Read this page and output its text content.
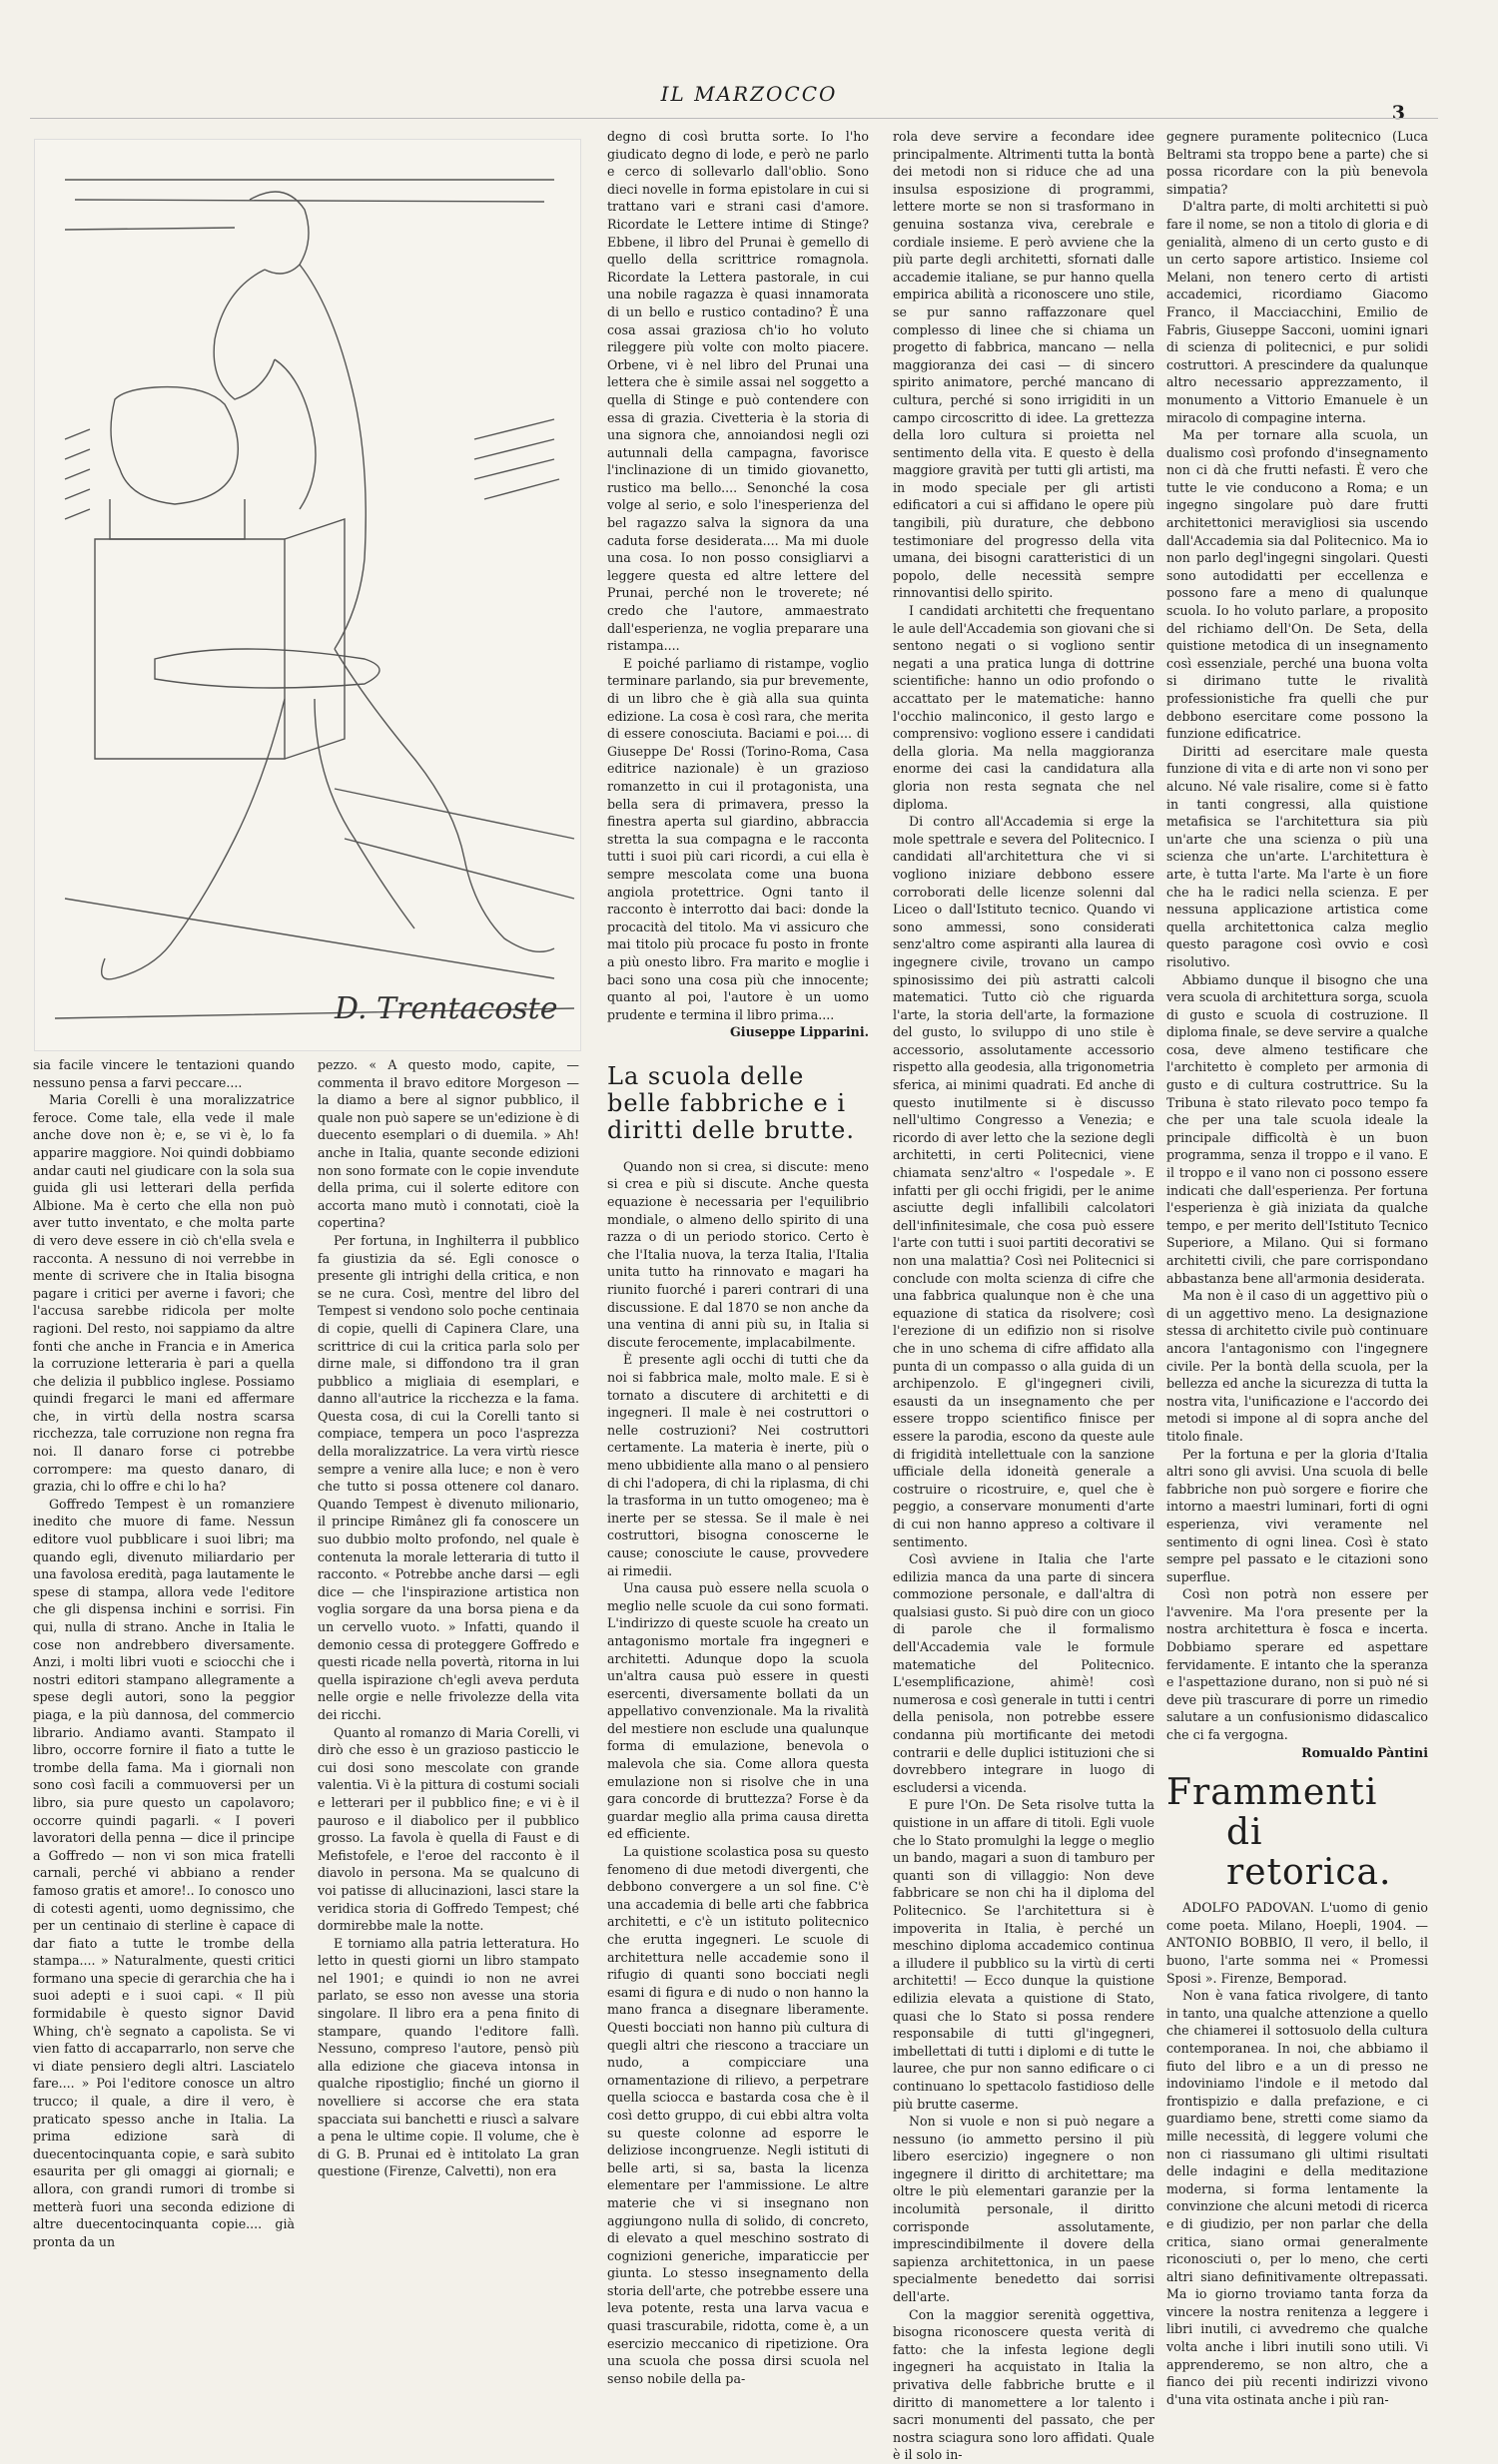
IL MARZOCCO
3
D. Trentacoste

sia facile vincere le tentazioni quando nessuno pensa a farvi peccare....

Maria Corelli è una moralizzatrice feroce. Come tale, ella vede il male anche dove non è; e, se vi è, lo fa apparire maggiore. Noi quindi dobbiamo andar cauti nel giudicare con la sola sua guida gli usi letterari della perfida Albione. Ma è certo che ella non può aver tutto inventato, e che molta parte di vero deve essere in ciò ch'ella svela e racconta. A nessuno di noi verrebbe in mente di scrivere che in Italia bisogna pagare i critici per averne i favori; che l'accusa sarebbe ridicola per molte ragioni. Del resto, noi sappiamo da altre fonti che anche in Francia e in America la corruzione letteraria è pari a quella che delizia il pubblico inglese. Possiamo quindi fregarci le mani ed affermare che, in virtù della nostra scarsa ricchezza, tale corruzione non regna fra noi. Il danaro forse ci potrebbe corrompere: ma questo danaro, di grazia, chi lo offre e chi lo ha?

Goffredo Tempest è un romanziere inedito che muore di fame. Nessun editore vuol pubblicare i suoi libri; ma quando egli, divenuto miliardario per una favolosa eredità, paga lautamente le spese di stampa, allora vede l'editore che gli dispensa inchini e sorrisi. Fin qui, nulla di strano. Anche in Italia le cose non andrebbero diversamente. Anzi, i molti libri vuoti e sciocchi che i nostri editori stampano allegramente a spese degli autori, sono la peggior piaga, e la più dannosa, del commercio librario. Andiamo avanti. Stampato il libro, occorre fornire il fiato a tutte le trombe della fama. Ma i giornali non sono così facili a commuoversi per un libro, sia pure questo un capolavoro; occorre quindi pagarli. « I poveri lavoratori della penna — dice il principe a Goffredo — non vi son mica fratelli carnali, perché vi abbiano a render famoso gratis et amore!.. Io conosco uno di cotesti agenti, uomo degnissimo, che per un centinaio di sterline è capace di dar fiato a tutte le trombe della stampa.... » Naturalmente, questi critici formano una specie di gerarchia che ha i suoi adepti e i suoi capi. « Il più formidabile è questo signor David Whing, ch'è segnato a capolista. Se vi vien fatto di accaparrarlo, non serve che vi diate pensiero degli altri. Lasciatelo fare.... » Poi l'editore conosce un altro trucco; il quale, a dire il vero, è praticato spesso anche in Italia. La prima edizione sarà di duecentocinquanta copie, e sarà subito esaurita per gli omaggi ai giornali; e allora, con grandi rumori di trombe si metterà fuori una seconda edizione di altre duecentocinquanta copie.... già pronta da un

pezzo. « A questo modo, capite, — commenta il bravo editore Morgeson — la diamo a bere al signor pubblico, il quale non può sapere se un'edizione è di duecento esemplari o di duemila. » Ah! anche in Italia, quante seconde edizioni non sono formate con le copie invendute della prima, cui il solerte editore con accorta mano mutò i connotati, cioè la copertina?

Per fortuna, in Inghilterra il pubblico fa giustizia da sé. Egli conosce o presente gli intrighi della critica, e non se ne cura. Così, mentre del libro del Tempest si vendono solo poche centinaia di copie, quelli di Capinera Clare, una scrittrice di cui la critica parla solo per dirne male, si diffondono tra il gran pubblico a migliaia di esemplari, e danno all'autrice la ricchezza e la fama. Questa cosa, di cui la Corelli tanto si compiace, tempera un poco l'asprezza della moralizzatrice. La vera virtù riesce sempre a venire alla luce; e non è vero che tutto si possa ottenere col danaro. Quando Tempest è divenuto milionario, il principe Rimânez gli fa conoscere un suo dubbio molto profondo, nel quale è contenuta la morale letteraria di tutto il racconto. « Potrebbe anche darsi — egli dice — che l'inspirazione artistica non voglia sorgare da una borsa piena e da un cervello vuoto. » Infatti, quando il demonio cessa di proteggere Goffredo e questi ricade nella povertà, ritorna in lui quella ispirazione ch'egli aveva perduta nelle orgie e nelle frivolezze della vita dei ricchi.

Quanto al romanzo di Maria Corelli, vi dirò che esso è un grazioso pasticcio le cui dosi sono mescolate con grande valentia. Vi è la pittura di costumi sociali e letterari per il pubblico fine; e vi è il pauroso e il diabolico per il pubblico grosso. La favola è quella di Faust e di Mefistofele, e l'eroe del racconto è il diavolo in persona. Ma se qualcuno di voi patisse di allucinazioni, lasci stare la veridica storia di Goffredo Tempest; ché dormirebbe male la notte.

E torniamo alla patria letteratura. Ho letto in questi giorni un libro stampato nel 1901; e quindi io non ne avrei parlato, se esso non avesse una storia singolare. Il libro era a pena finito di stampare, quando l'editore fallì. Nessuno, compreso l'autore, pensò più alla edizione che giaceva intonsa in qualche ripostiglio; finché un giorno il novelliere si accorse che era stata spacciata sui banchetti e riuscì a salvare a pena le ultime copie. Il volume, che è di G. B. Prunai ed è intitolato La gran questione (Firenze, Calvetti), non era

degno di così brutta sorte. Io l'ho giudicato degno di lode, e però ne parlo e cerco di sollevarlo dall'oblio. Sono dieci novelle in forma epistolare in cui si trattano vari e strani casi d'amore. Ricordate le Lettere intime di Stinge? Ebbene, il libro del Prunai è gemello di quello della scrittrice romagnola. Ricordate la Lettera pastorale, in cui una nobile ragazza è quasi innamorata di un bello e rustico contadino? È una cosa assai graziosa ch'io ho voluto rileggere più volte con molto piacere. Orbene, vi è nel libro del Prunai una lettera che è simile assai nel soggetto a quella di Stinge e può contendere con essa di grazia. Civetteria è la storia di una signora che, annoiandosi negli ozi autunnali della campagna, favorisce l'inclinazione di un timido giovanetto, rustico ma bello.... Senonché la cosa volge al serio, e solo l'inesperienza del bel ragazzo salva la signora da una caduta forse desiderata.... Ma mi duole una cosa. Io non posso consigliarvi a leggere questa ed altre lettere del Prunai, perché non le troverete; né credo che l'autore, ammaestrato dall'esperienza, ne voglia preparare una ristampa....

E poiché parliamo di ristampe, voglio terminare parlando, sia pur brevemente, di un libro che è già alla sua quinta edizione. La cosa è così rara, che merita di essere conosciuta. Baciami e poi.... di Giuseppe De' Rossi (Torino-Roma, Casa editrice nazionale) è un grazioso romanzetto in cui il protagonista, una bella sera di primavera, presso la finestra aperta sul giardino, abbraccia stretta la sua compagna e le racconta tutti i suoi più cari ricordi, a cui ella è sempre mescolata come una buona angiola protettrice. Ogni tanto il racconto è interrotto dai baci: donde la procacità del titolo. Ma vi assicuro che mai titolo più procace fu posto in fronte a più onesto libro. Fra marito e moglie i baci sono una cosa più che innocente; quanto al poi, l'autore è un uomo prudente e termina il libro prima....

Giuseppe Lipparini.

La scuola delle belle fabbriche e i diritti delle brutte.

Quando non si crea, si discute: meno si crea e più si discute. Anche questa equazione è necessaria per l'equilibrio mondiale, o almeno dello spirito di una razza o di un periodo storico. Certo è che l'Italia nuova, la terza Italia, l'Italia unita tutto ha rinnovato e magari ha riunito fuorché i pareri contrari di una discussione. E dal 1870 se non anche da una ventina di anni più su, in Italia si discute ferocemente, implacabilmente.

È presente agli occhi di tutti che da noi si fabbrica male, molto male. E si è tornato a discutere di architetti e di ingegneri. Il male è nei costruttori o nelle costruzioni? Nei costruttori certamente. La materia è inerte, più o meno ubbidiente alla mano o al pensiero di chi l'adopera, di chi la riplasma, di chi la trasforma in un tutto omogeneo; ma è inerte per se stessa. Se il male è nei costruttori, bisogna conoscerne le cause; conosciute le cause, provvedere ai rimedii.

Una causa può essere nella scuola o meglio nelle scuole da cui sono formati. L'indirizzo di queste scuole ha creato un antagonismo mortale fra ingegneri e architetti. Adunque dopo la scuola un'altra causa può essere in questi esercenti, diversamente bollati da un appellativo convenzionale. Ma la rivalità del mestiere non esclude una qualunque forma di emulazione, benevola o malevola che sia. Come allora questa emulazione non si risolve che in una gara concorde di bruttezza? Forse è da guardar meglio alla prima causa diretta ed efficiente.

La quistione scolastica posa su questo fenomeno di due metodi divergenti, che debbono convergere a un sol fine. C'è una accademia di belle arti che fabbrica architetti, e c'è un istituto politecnico che erutta ingegneri. Le scuole di architettura nelle accademie sono il rifugio di quanti sono bocciati negli esami di figura e di nudo o non hanno la mano franca a disegnare liberamente. Questi bocciati non hanno più cultura di quegli altri che riescono a tracciare un nudo, a compicciare una ornamentazione di rilievo, a perpetrare quella sciocca e bastarda cosa che è il così detto gruppo, di cui ebbi altra volta su queste colonne ad esporre le deliziose incongruenze. Negli istituti di belle arti, si sa, basta la licenza elementare per l'ammissione. Le altre materie che vi si insegnano non aggiungono nulla di solido, di concreto, di elevato a quel meschino sostrato di cognizioni generiche, imparaticcie per giunta. Lo stesso insegnamento della storia dell'arte, che potrebbe essere una leva potente, resta una larva vacua e quasi trascurabile, ridotta, come è, a un esercizio meccanico di ripetizione. Ora una scuola che possa dirsi scuola nel senso nobile della pa-

rola deve servire a fecondare idee principalmente. Altrimenti tutta la bontà dei metodi non si riduce che ad una insulsa esposizione di programmi, lettere morte se non si trasformano in genuina sostanza viva, cerebrale e cordiale insieme. E però avviene che la più parte degli architetti, sfornati dalle accademie italiane, se pur hanno quella empirica abilità a riconoscere uno stile, se pur sanno raffazzonare quel complesso di linee che si chiama un progetto di fabbrica, mancano — nella maggioranza dei casi — di sincero spirito animatore, perché mancano di cultura, perché si sono irrigiditi in un campo circoscritto di idee. La grettezza della loro cultura si proietta nel sentimento della vita. E questo è della maggiore gravità per tutti gli artisti, ma in modo speciale per gli artisti edificatori a cui si affidano le opere più tangibili, più durature, che debbono testimoniare del progresso della vita umana, dei bisogni caratteristici di un popolo, delle necessità sempre rinnovantisi dello spirito.

I candidati architetti che frequentano le aule dell'Accademia son giovani che si sentono negati o si vogliono sentir negati a una pratica lunga di dottrine scientifiche: hanno un odio profondo o accattato per le matematiche: hanno l'occhio malinconico, il gesto largo e comprensivo: vogliono essere i candidati della gloria. Ma nella maggioranza enorme dei casi la candidatura alla gloria non resta segnata che nel diploma.

Di contro all'Accademia si erge la mole spettrale e severa del Politecnico. I candidati all'architettura che vi si vogliono iniziare debbono essere corroborati delle licenze solenni dal Liceo o dall'Istituto tecnico. Quando vi sono ammessi, sono considerati senz'altro come aspiranti alla laurea di ingegnere civile, trovano un campo spinosissimo dei più astratti calcoli matematici. Tutto ciò che riguarda l'arte, la storia dell'arte, la formazione del gusto, lo sviluppo di uno stile è accessorio, assolutamente accessorio rispetto alla geodesia, alla trigonometria sferica, ai minimi quadrati. Ed anche di questo inutilmente si è discusso nell'ultimo Congresso a Venezia; e ricordo di aver letto che la sezione degli architetti, in certi Politecnici, viene chiamata senz'altro « l'ospedale ». E infatti per gli occhi frigidi, per le anime asciutte degli infallibili calcolatori dell'infinitesimale, che cosa può essere l'arte con tutti i suoi partiti decorativi se non una malattia? Così nei Politecnici si conclude con molta scienza di cifre che una fabbrica qualunque non è che una equazione di statica da risolvere; così l'erezione di un edifizio non si risolve che in uno schema di cifre affidato alla punta di un compasso o alla guida di un archipenzolo. E gl'ingegneri civili, esausti da un insegnamento che per essere troppo scientifico finisce per essere la parodia, escono da queste aule di frigidità intellettuale con la sanzione ufficiale della idoneità generale a costruire o ricostruire, e, quel che è peggio, a conservare monumenti d'arte di cui non hanno appreso a coltivare il sentimento.

Così avviene in Italia che l'arte edilizia manca da una parte di sincera commozione personale, e dall'altra di qualsiasi gusto. Si può dire con un gioco di parole che il formalismo dell'Accademia vale le formule matematiche del Politecnico. L'esemplificazione, ahimè! così numerosa e così generale in tutti i centri della penisola, non potrebbe essere condanna più mortificante dei metodi contrarii e delle duplici istituzioni che si dovrebbero integrare in luogo di escludersi a vicenda.

E pure l'On. De Seta risolve tutta la quistione in un affare di titoli. Egli vuole che lo Stato promulghi la legge o meglio un bando, magari a suon di tamburo per quanti son di villaggio: Non deve fabbricare se non chi ha il diploma del Politecnico. Se l'architettura si è impoverita in Italia, è perché un meschino diploma accademico continua a illudere il pubblico su la virtù di certi architetti! — Ecco dunque la quistione edilizia elevata a quistione di Stato, quasi che lo Stato si possa rendere responsabile di tutti gl'ingegneri, imbellettati di tutti i diplomi e di tutte le lauree, che pur non sanno edificare o ci continuano lo spettacolo fastidioso delle più brutte caserme.

Non si vuole e non si può negare a nessuno (io ammetto persino il più libero esercizio) ingegnere o non ingegnere il diritto di architettare; ma oltre le più elementari garanzie per la incolumità personale, il diritto corrisponde assolutamente, imprescindibilmente il dovere della sapienza architettonica, in un paese specialmente benedetto dai sorrisi dell'arte.

Con la maggior serenità oggettiva, bisogna riconoscere questa verità di fatto: che la infesta legione degli ingegneri ha acquistato in Italia la privativa delle fabbriche brutte e il diritto di manomettere a lor talento i sacri monumenti del passato, che per nostra sciagura sono loro affidati. Quale è il solo in-

gegnere puramente politecnico (Luca Beltrami sta troppo bene a parte) che si possa ricordare con la più benevola simpatia?

D'altra parte, di molti architetti si può fare il nome, se non a titolo di gloria e di genialità, almeno di un certo gusto e di un certo sapore artistico. Insieme col Melani, non tenero certo di artisti accademici, ricordiamo Giacomo Franco, il Macciacchini, Emilio de Fabris, Giuseppe Sacconi, uomini ignari di scienza di politecnici, e pur solidi costruttori. A prescindere da qualunque altro necessario apprezzamento, il monumento a Vittorio Emanuele è un miracolo di compagine interna.

Ma per tornare alla scuola, un dualismo così profondo d'insegnamento non ci dà che frutti nefasti. È vero che tutte le vie conducono a Roma; e un ingegno singolare può dare frutti architettonici meravigliosi sia uscendo dall'Accademia sia dal Politecnico. Ma io non parlo degl'ingegni singolari. Questi sono autodidatti per eccellenza e possono fare a meno di qualunque scuola. Io ho voluto parlare, a proposito del richiamo dell'On. De Seta, della quistione metodica di un insegnamento così essenziale, perché una buona volta si dirimano tutte le rivalità professionistiche fra quelli che pur debbono esercitare come possono la funzione edificatrice.

Diritti ad esercitare male questa funzione di vita e di arte non vi sono per alcuno. Né vale risalire, come si è fatto in tanti congressi, alla quistione metafisica se l'architettura sia più un'arte che una scienza o più una scienza che un'arte. L'architettura è arte, è tutta l'arte. Ma l'arte è un fiore che ha le radici nella scienza. E per nessuna applicazione artistica come quella architettonica calza meglio questo paragone così ovvio e così risolutivo.

Abbiamo dunque il bisogno che una vera scuola di architettura sorga, scuola di gusto e scuola di costruzione. Il diploma finale, se deve servire a qualche cosa, deve almeno testificare che l'architetto è completo per armonia di gusto e di cultura costruttrice. Su la Tribuna è stato rilevato poco tempo fa che per una tale scuola ideale la principale difficoltà è un buon programma, senza il troppo e il vano. E il troppo e il vano non ci possono essere indicati che dall'esperienza. Per fortuna l'esperienza è già iniziata da qualche tempo, e per merito dell'Istituto Tecnico Superiore, a Milano. Qui si formano architetti civili, che pare corrispondano abbastanza bene all'armonia desiderata.

Ma non è il caso di un aggettivo più o di un aggettivo meno. La designazione stessa di architetto civile può continuare ancora l'antagonismo con l'ingegnere civile. Per la bontà della scuola, per la bellezza ed anche la sicurezza di tutta la nostra vita, l'unificazione e l'accordo dei metodi si impone al di sopra anche del titolo finale.

Per la fortuna e per la gloria d'Italia altri sono gli avvisi. Una scuola di belle fabbriche non può sorgere e fiorire che intorno a maestri luminari, forti di ogni esperienza, vivi veramente nel sentimento di ogni linea. Così è stato sempre pel passato e le citazioni sono superflue.

Così non potrà non essere per l'avvenire. Ma l'ora presente per la nostra architettura è fosca e incerta. Dobbiamo sperare ed aspettare fervidamente. E intanto che la speranza e l'aspettazione durano, non si può né si deve più trascurare di porre un rimedio salutare a un confusionismo didascalico che ci fa vergogna.

Romualdo Pàntini

Frammenti
di retorica.

ADOLFO PADOVAN. L'uomo di genio come poeta. Milano, Hoepli, 1904. — ANTONIO BOBBIO, Il vero, il bello, il buono, l'arte somma nei « Promessi Sposi ». Firenze, Bemporad.

Non è vana fatica rivolgere, di tanto in tanto, una qualche attenzione a quello che chiamerei il sottosuolo della cultura contemporanea. In noi, che abbiamo il fiuto del libro e a un di presso ne indoviniamo l'indole e il metodo dal frontispizio e dalla prefazione, e ci guardiamo bene, stretti come siamo da mille necessità, di leggere volumi che non ci riassumano gli ultimi risultati delle indagini e della meditazione moderna, si forma lentamente la convinzione che alcuni metodi di ricerca e di giudizio, per non parlar che della critica, siano ormai generalmente riconosciuti o, per lo meno, che certi altri siano definitivamente oltrepassati. Ma io giorno troviamo tanta forza da vincere la nostra renitenza a leggere i libri inutili, ci avvedremo che qualche volta anche i libri inutili sono utili. Vi apprenderemo, se non altro, che a fianco dei più recenti indirizzi vivono d'una vita ostinata anche i più ran-
